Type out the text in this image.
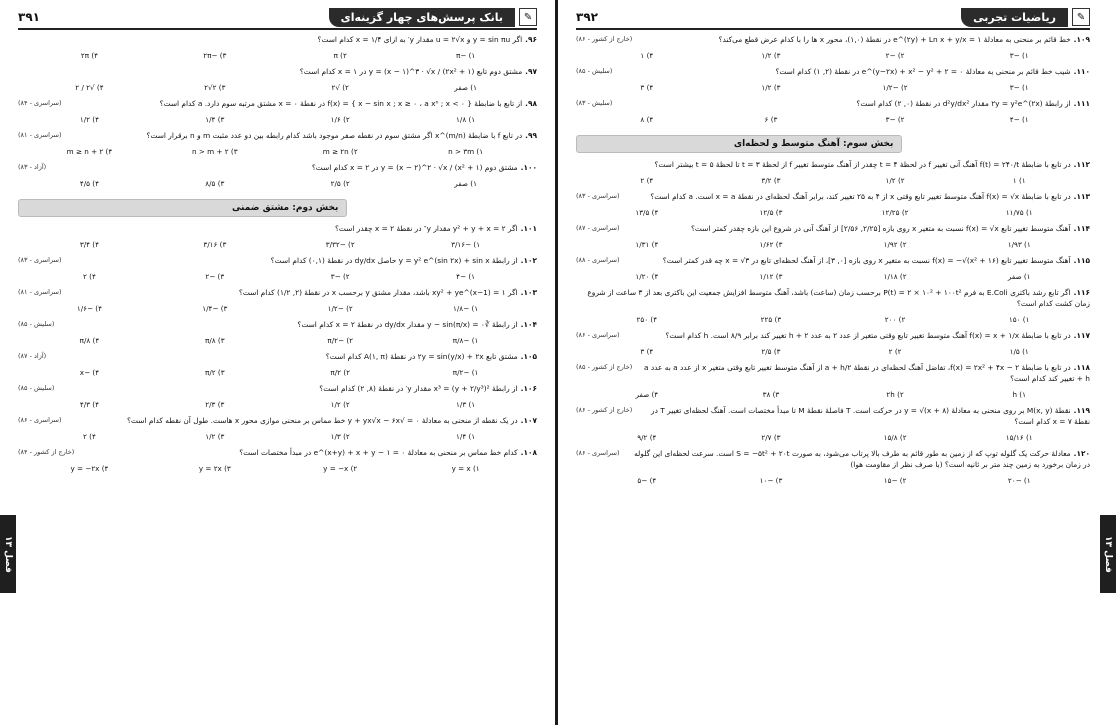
✎
بانک پرسش‌های چهار گزینه‌ای
۳۹۱
۹۶.اگر y = sin πu و u = ۲√x مقدار y′ به ازای x = ۱/۴ کدام است؟
۱) −π
۲) π
۳) −۲π
۴) ۲π
۹۷.مشتق دوم تابع y = (x − ۱)^۳ · √x / (۲x² + ۱) در x = ۱ کدام است؟
۱) صفر
۲) √۲
۳) ۲√۲
۴) √۲ / ۲
۹۸.از تابع با ضابطهٔ f(x) = { x − sin x ; x ≥ ۰ ، a xⁿ ; x < ۰ } در نقطهٔ x = ۰ مشتق مرتبه سوم دارد. a کدام است؟
(سراسری - ۸۴)
۱) ۱/۸
۲) ۱/۶
۳) ۱/۴
۴) ۱/۲
۹۹.در تابع f با ضابطهٔ x^(m/n) اگر مشتق سوم در نقطه صفر موجود باشد کدام رابطه بین دو عدد مثبت m و n برقرار است؟
(سراسری - ۸۱)
۱) n > ۳m
۲) m ≥ ۲n
۳) n > m + ۲
۴) m ≥ n + ۲
۱۰۰.مشتق دوم y = (x − ۲)^۲ · √x / (x² + ۱) در x = ۲ کدام است؟
(آزاد - ۸۳)
۱) صفر
۲) ۲/۵
۳) ۸/۵
۴) ۴/۵
بخش دوم: مشتق ضمنی
۱۰۱.اگر y² + y + x = ۲ مقدار y″ در نقطهٔ x = ۲ چقدر است؟
۱) −۳/۱۶
۲) −۳/۳۲
۳) ۳/۱۶
۴) ۳/۴
۱۰۲.از رابطهٔ y = y² e^(sin ۲x) + sin x حاصل dy/dx در نقطهٔ (۰,۱) کدام است؟
(سراسری - ۸۳)
۱) −۴
۲) −۳
۳) −۲
۴) ۲
۱۰۳.اگر xy² + ye^(x−1) = ۱ باشد، مقدار مشتق y برحسب x در نقطهٔ (۲, ۱/۲) کدام است؟
(سراسری - ۸۱)
۱) −۱/۸
۲) −۱/۲
۳) −۱/۴
۴) −۱/۶
۱۰۴.از رابطهٔ ∛y − sin(π/x) = ۰ مقدار dy/dx در نقطهٔ x = ۲ کدام است؟
(سلیش - ۸۵)
۱) −π/۸
۲) −π/۲
۳) π/۸
۴) π/۸
۱۰۵.مشتق تابع ۲y = sin(y/x) + ۲x در نقطهٔ A(۱, π) کدام است؟
(آزاد - ۸۷)
۱) −π/۲
۲) π/۲
۳) π/۲
۴) −x
۱۰۶.از رابطهٔ x³ = (y + ۲/y³)² مقدار y′ در نقطهٔ (۸, ۲) کدام است؟
(سلیش - ۸۵)
۱) ۱/۳
۲) ۱/۲
۳) ۲/۳
۴) ۴/۳
۱۰۷.در یک نقطه از منحنی به معادلهٔ ۰ = √y + yx√x − ۶x خط مماس بر منحنی موازی محور x هاست. طول آن نقطه کدام است؟
(سراسری - ۸۶)
۱) ۱/۴
۲) ۱/۳
۳) ۱/۲
۴) ۲
۱۰۸.کدام خط مماس بر منحنی به معادلهٔ e^(x+y) + x + y − ۱ = ۰ در مبدأ مختصات است؟
(خارج از کشور - ۸۴)
۱) y = x
۲) y = −x
۳) y = ۲x
۴) y = −۲x
فصل ۱۳
✎
ریاضیات تجربی
۳۹۲
۱۰۹.خط قائم بر منحنی به معادلهٔ e^(۲y) + Ln x + y/x = ۱ در نقطهٔ (۱,۰)، محور x ها را با کدام عرض قطع می‌کند؟
(خارج از کشور - ۸۶)
۱) −۳
۲) −۲
۳) ۱/۲
۴) ۱
۱۱۰.شیب خط قائم بر منحنی به معادلهٔ e^(y−۲x) + x² − y² + ۲ = ۰ در نقطهٔ (۲, ۱) کدام است؟
(سلیش - ۸۵)
۱) −۳
۲) −۱/۲
۳) ۱/۲
۴) ۳
۱۱۱.از رابطهٔ ۲y = y²e^(۲x) مقدار d²y/dx² در نقطهٔ (۰, ۲) کدام است؟
(سلیش - ۸۳)
۱) −۴
۲) −۳
۳) ۶
۴) ۸
بخش سوم: آهنگ متوسط و لحظه‌ای
۱۱۲.در تابع با ضابطهٔ f(t) = ۲۴۰/t آهنگ آنی تغییر f در لحظهٔ t = ۴ چقدر از آهنگ متوسط تغییر f از لحظهٔ t = ۳ تا لحظهٔ t = ۵ بیشتر است؟
۱) ۱
۲) ۱/۲
۳) ۳/۲
۴) ۲
۱۱۳.در تابع با ضابطهٔ f(x) = √x آهنگ متوسط تغییر تابع وقتی x از ۴ به ۲۵ تغییر کند، برابر آهنگ لحظه‌ای در نقطهٔ x = a است. a کدام است؟
(سراسری - ۸۳)
۱) ۱۱/۷۵
۲) ۱۲/۲۵
۳) ۱۲/۵
۴) ۱۳/۵
۱۱۴.آهنگ متوسط تغییر تابع f(x) = √x نسبت به متغیر x روی بازه [۲/۲۵, ۲/۵۶] از آهنگ آنی در شروع این بازه چقدر کمتر است؟
(سراسری - ۸۷)
۱) ۱/۹۳
۲) ۱/۹۲
۳) ۱/۶۲
۴) ۱/۳۱
۱۱۵.آهنگ متوسط تغییر تابع f(x) = −√(x² + ۱۶) نسبت به متغیر x روی بازه [۰, ۳]، از آهنگ لحظه‌ای تابع در x = √۳ چه قدر کمتر است؟
(سراسری - ۸۸)
۱) صفر
۲) ۱/۱۸
۳) ۱/۱۲
۴) ۱/۲۰
۱۱۶.اگر تابع رشد باکتری E.Coli به فرم P(t) = ۲ × ۱۰² + ۱۰۰t² برحسب زمان (ساعت) باشد، آهنگ متوسط افزایش جمعیت این باکتری بعد از ۳ ساعت از شروع زمان کشت کدام است؟
۱) ۱۵۰
۲) ۲۰۰
۳) ۲۲۵
۴) ۲۵۰
۱۱۷.در تابع با ضابطهٔ f(x) = x + ۱/x آهنگ متوسط تغییر تابع وقتی متغیر از عدد ۲ به عدد ۲ + h تغییر کند برابر ۸/۹ است. h کدام است؟
(سراسری - ۸۶)
۱) ۱/۵
۲) ۲
۳) ۲/۵
۴) ۳
۱۱۸.در تابع با ضابطهٔ f(x) = ۲x² + ۴x − ۲، تفاضل آهنگ لحظه‌ای در نقطهٔ a + h/۲ از آهنگ متوسط تغییر تابع وقتی متغیر x از عدد a به عدد a + h تغییر کند کدام است؟
(خارج از کشور - ۸۵)
۱) h
۲) ۲h
۳) ۳۸
۴) صفر
۱۱۹.نقطهٔ M(x, y) بر روی منحنی به معادلهٔ y = √(x + ۸) در حرکت است. T فاصلهٔ نقطهٔ M تا مبدأ مختصات است. آهنگ لحظه‌ای تغییر T در نقطهٔ x = ۷ کدام است؟
(خارج از کشور - ۸۶)
۱) ۱۵/۱۶
۲) ۱۵/۸
۳) ۲/۷
۴) ۹/۲
۱۲۰.معادلهٔ حرکت یک گلوله توپ که از زمین به طور قائم به طرف بالا پرتاب می‌شود، به صورت S = −۵t² + ۲۰t است. سرعت لحظه‌ای این گلوله در زمان برخورد به زمین چند متر بر ثانیه است؟ (با صرف نظر از مقاومت هوا)
(سراسری - ۸۶)
۱) −۲۰
۲) −۱۵
۳) −۱۰
۴) −۵
فصل ۱۳
